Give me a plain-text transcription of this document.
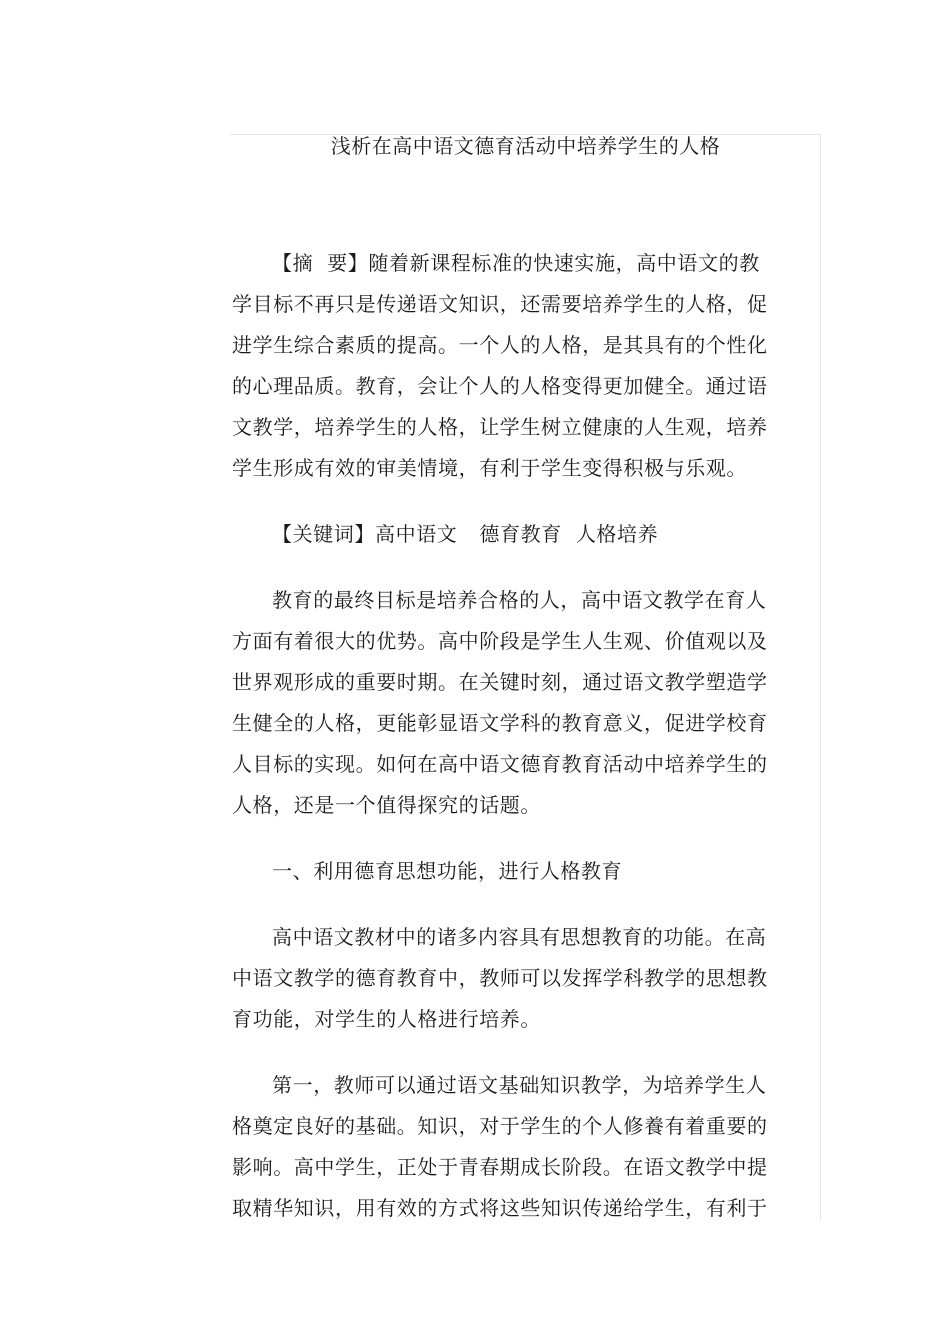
浅析在高中语文德育活动中培养学生的人格

【摘 要】随着新课程标准的快速实施，高中语文的教学目标不再只是传递语文知识，还需要培养学生的人格，促进学生综合素质的提高。一个人的人格，是其具有的个性化的心理品质。教育，会让个人的人格变得更加健全。通过语文教学，培养学生的人格，让学生树立健康的人生观，培养学生形成有效的审美情境，有利于学生变得积极与乐观。

【关键词】高中语文 德育教育 人格培养

教育的最终目标是培养合格的人，高中语文教学在育人方面有着很大的优势。高中阶段是学生人生观、价值观以及世界观形成的重要时期。在关键时刻，通过语文教学塑造学生健全的人格，更能彰显语文学科的教育意义，促进学校育人目标的实现。如何在高中语文德育教育活动中培养学生的人格，还是一个值得探究的话题。

一、利用德育思想功能，进行人格教育

高中语文教材中的诸多内容具有思想教育的功能。在高中语文教学的德育教育中，教师可以发挥学科教学的思想教育功能，对学生的人格进行培养。

第一，教师可以通过语文基础知识教学，为培养学生人格奠定良好的基础。知识，对于学生的个人修養有着重要的影响。高中学生，正处于青春期成长阶段。在语文教学中提取精华知识，用有效的方式将这些知识传递给学生，有利于
